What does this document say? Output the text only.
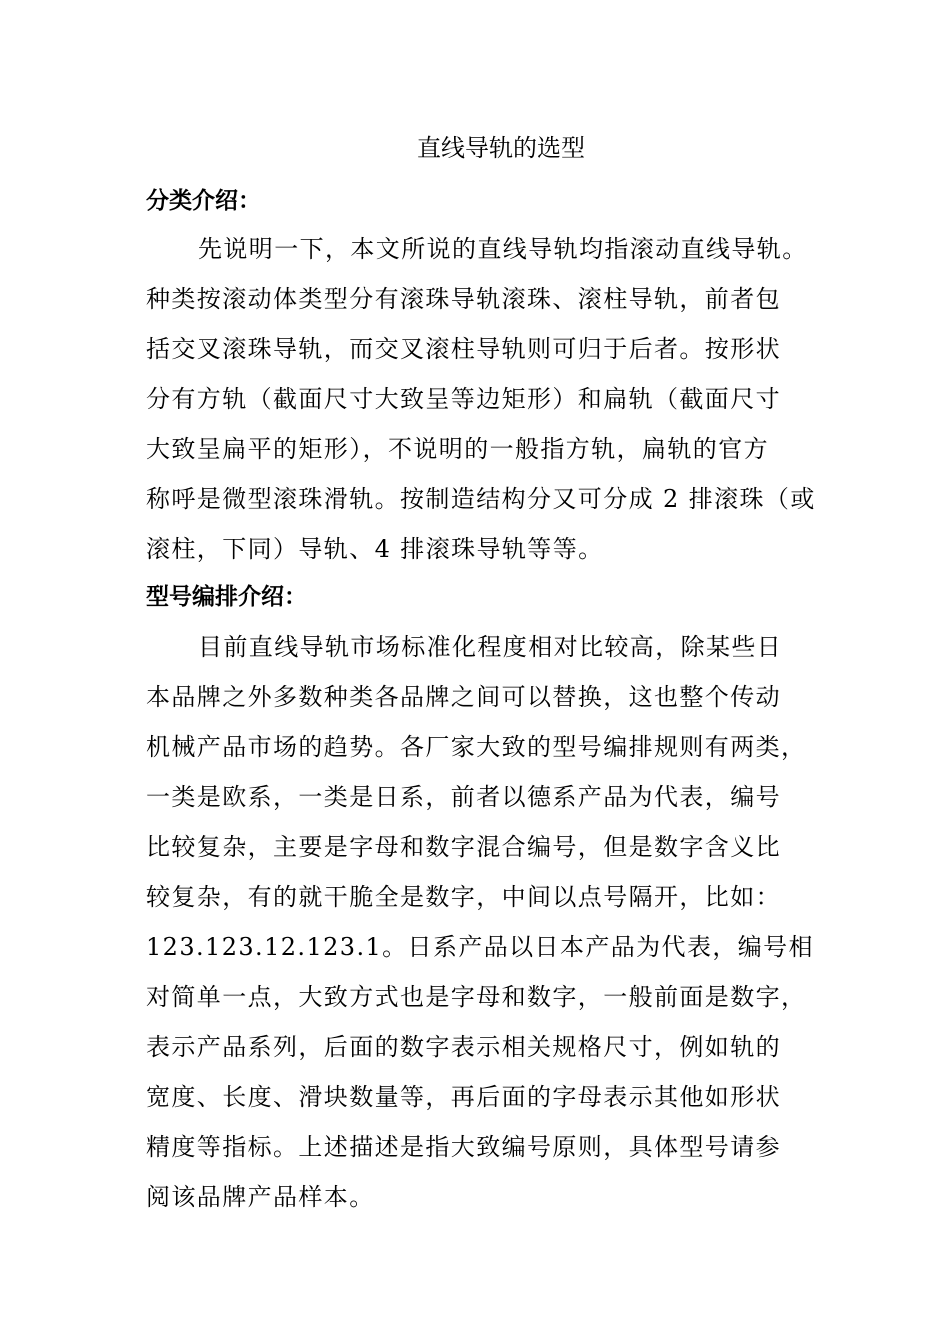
直线导轨的选型
分类介绍：
先说明一下，本文所说的直线导轨均指滚动直线导轨。
种类按滚动体类型分有滚珠导轨滚珠、滚柱导轨，前者包
括交叉滚珠导轨，而交叉滚柱导轨则可归于后者。按形状
分有方轨（截面尺寸大致呈等边矩形）和扁轨（截面尺寸
大致呈扁平的矩形），不说明的一般指方轨，扁轨的官方
称呼是微型滚珠滑轨。按制造结构分又可分成 2 排滚珠（或
滚柱，下同）导轨、4 排滚珠导轨等等。
型号编排介绍：
目前直线导轨市场标准化程度相对比较高，除某些日
本品牌之外多数种类各品牌之间可以替换，这也整个传动
机械产品市场的趋势。各厂家大致的型号编排规则有两类，
一类是欧系，一类是日系，前者以德系产品为代表，编号
比较复杂，主要是字母和数字混合编号，但是数字含义比
较复杂，有的就干脆全是数字，中间以点号隔开，比如：
123.123.12.123.1。日系产品以日本产品为代表，编号相
对简单一点，大致方式也是字母和数字，一般前面是数字，
表示产品系列，后面的数字表示相关规格尺寸，例如轨的
宽度、长度、滑块数量等，再后面的字母表示其他如形状
精度等指标。上述描述是指大致编号原则，具体型号请参
阅该品牌产品样本。
